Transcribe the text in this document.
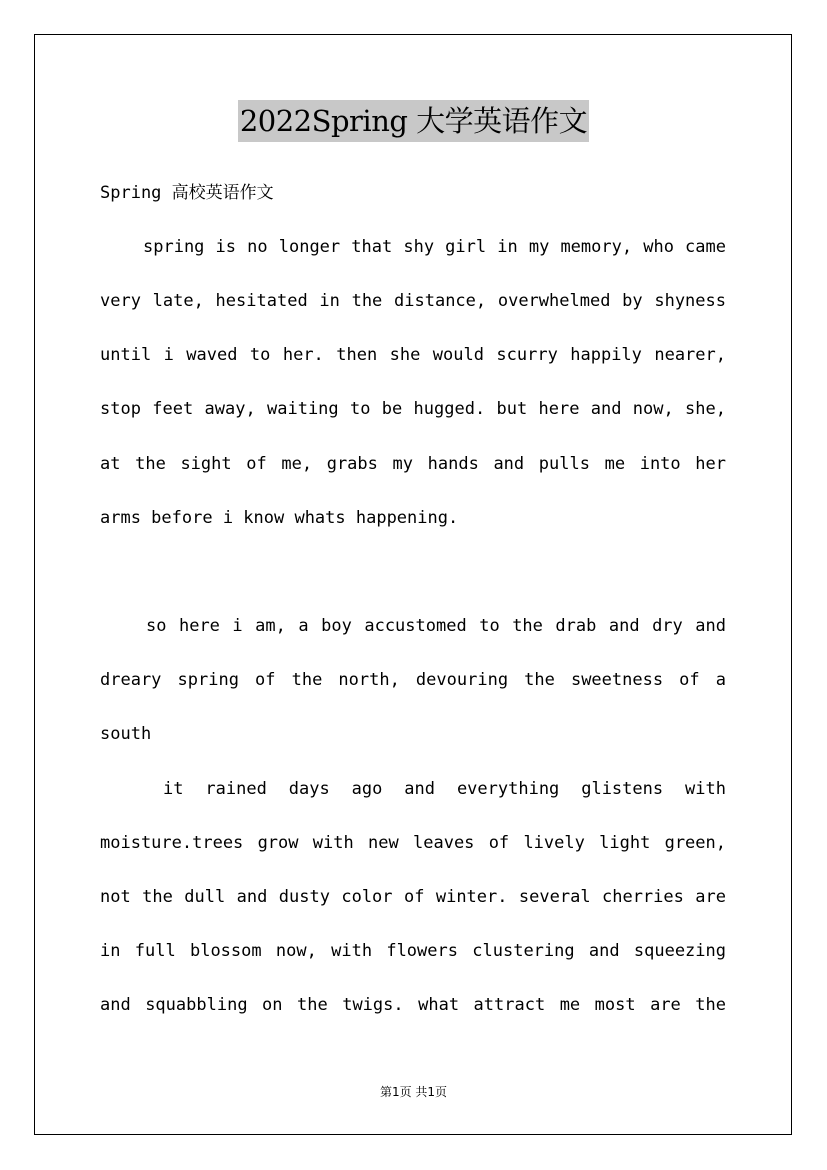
2022Spring 大学英语作文
Spring 高校英语作文
spring is no longer that shy girl in my memory, who came
very late, hesitated in the distance, overwhelmed by shyness
until i waved to her. then she would scurry happily nearer,
stop feet away, waiting to be hugged. but here and now, she,
at the sight of me, grabs my hands and pulls me into her
arms before i know whats happening.
so here i am, a boy accustomed to the drab and dry and
dreary spring of the north, devouring the sweetness of a
south
it rained days ago and everything glistens with
moisture.trees grow with new leaves of lively light green,
not the dull and dusty color of winter. several cherries are
in full blossom now, with flowers clustering and squeezing
and squabbling on the twigs. what attract me most are the
第1页 共1页
